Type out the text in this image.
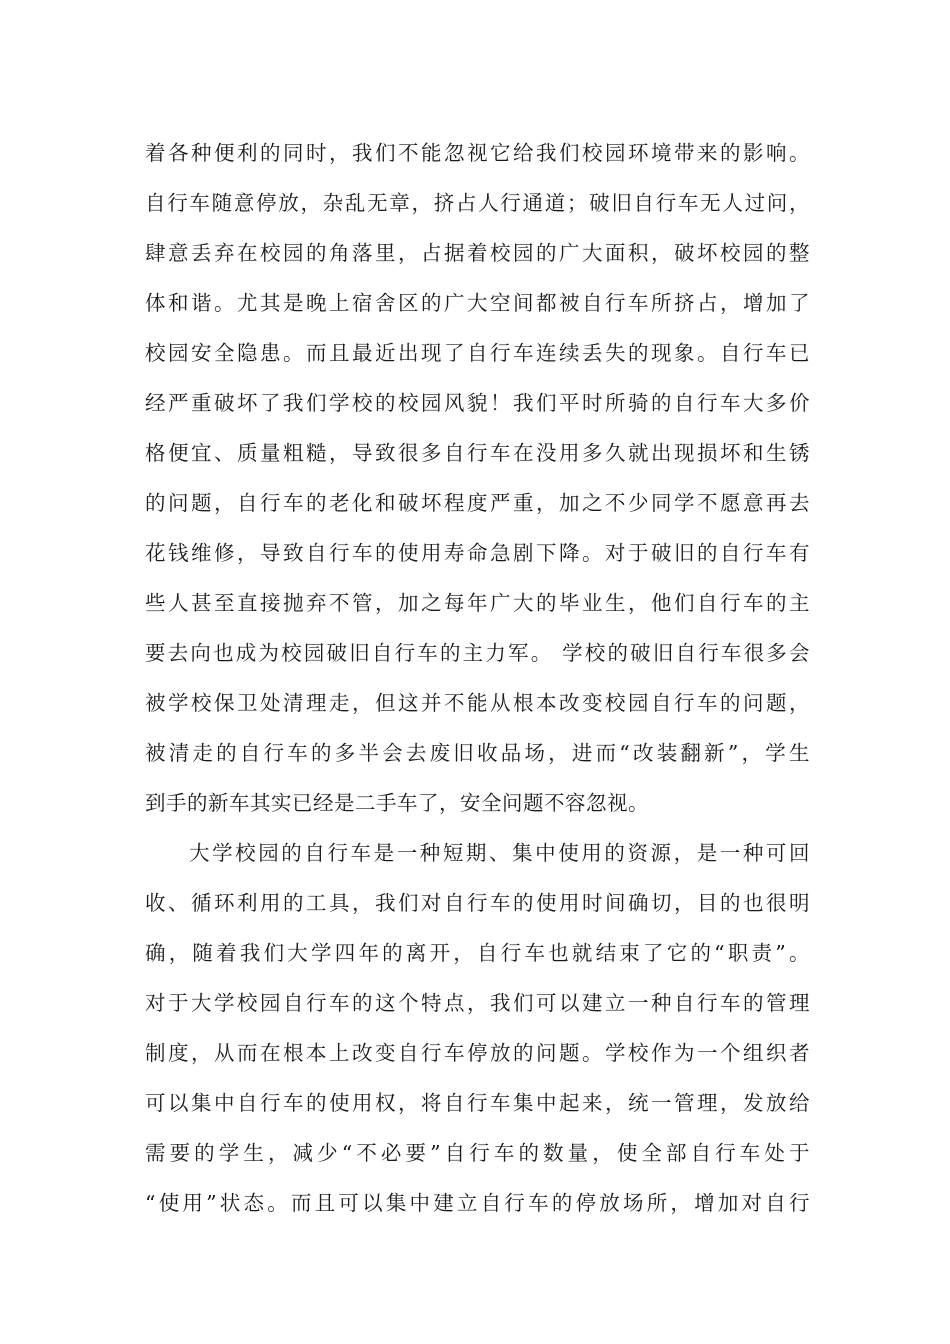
着各种便利的同时，我们不能忽视它给我们校园环境带来的影响。
自行车随意停放，杂乱无章，挤占人行通道；破旧自行车无人过问，
肆意丢弃在校园的角落里，占据着校园的广大面积，破坏校园的整
体和谐。尤其是晚上宿舍区的广大空间都被自行车所挤占，增加了
校园安全隐患。而且最近出现了自行车连续丢失的现象。自行车已
经严重破坏了我们学校的校园风貌！我们平时所骑的自行车大多价
格便宜、质量粗糙，导致很多自行车在没用多久就出现损坏和生锈
的问题，自行车的老化和破坏程度严重，加之不少同学不愿意再去
花钱维修，导致自行车的使用寿命急剧下降。对于破旧的自行车有
些人甚至直接抛弃不管，加之每年广大的毕业生，他们自行车的主
要去向也成为校园破旧自行车的主力军。 学校的破旧自行车很多会
被学校保卫处清理走，但这并不能从根本改变校园自行车的问题，
被清走的自行车的多半会去废旧收品场，进而“改装翻新”，学生
到手的新车其实已经是二手车了，安全问题不容忽视。
大学校园的自行车是一种短期、集中使用的资源，是一种可回
收、循环利用的工具，我们对自行车的使用时间确切，目的也很明
确，随着我们大学四年的离开，自行车也就结束了它的“职责”。
对于大学校园自行车的这个特点，我们可以建立一种自行车的管理
制度，从而在根本上改变自行车停放的问题。学校作为一个组织者
可以集中自行车的使用权，将自行车集中起来，统一管理，发放给
需要的学生，减少“不必要”自行车的数量，使全部自行车处于
“使用”状态。而且可以集中建立自行车的停放场所，增加对自行
